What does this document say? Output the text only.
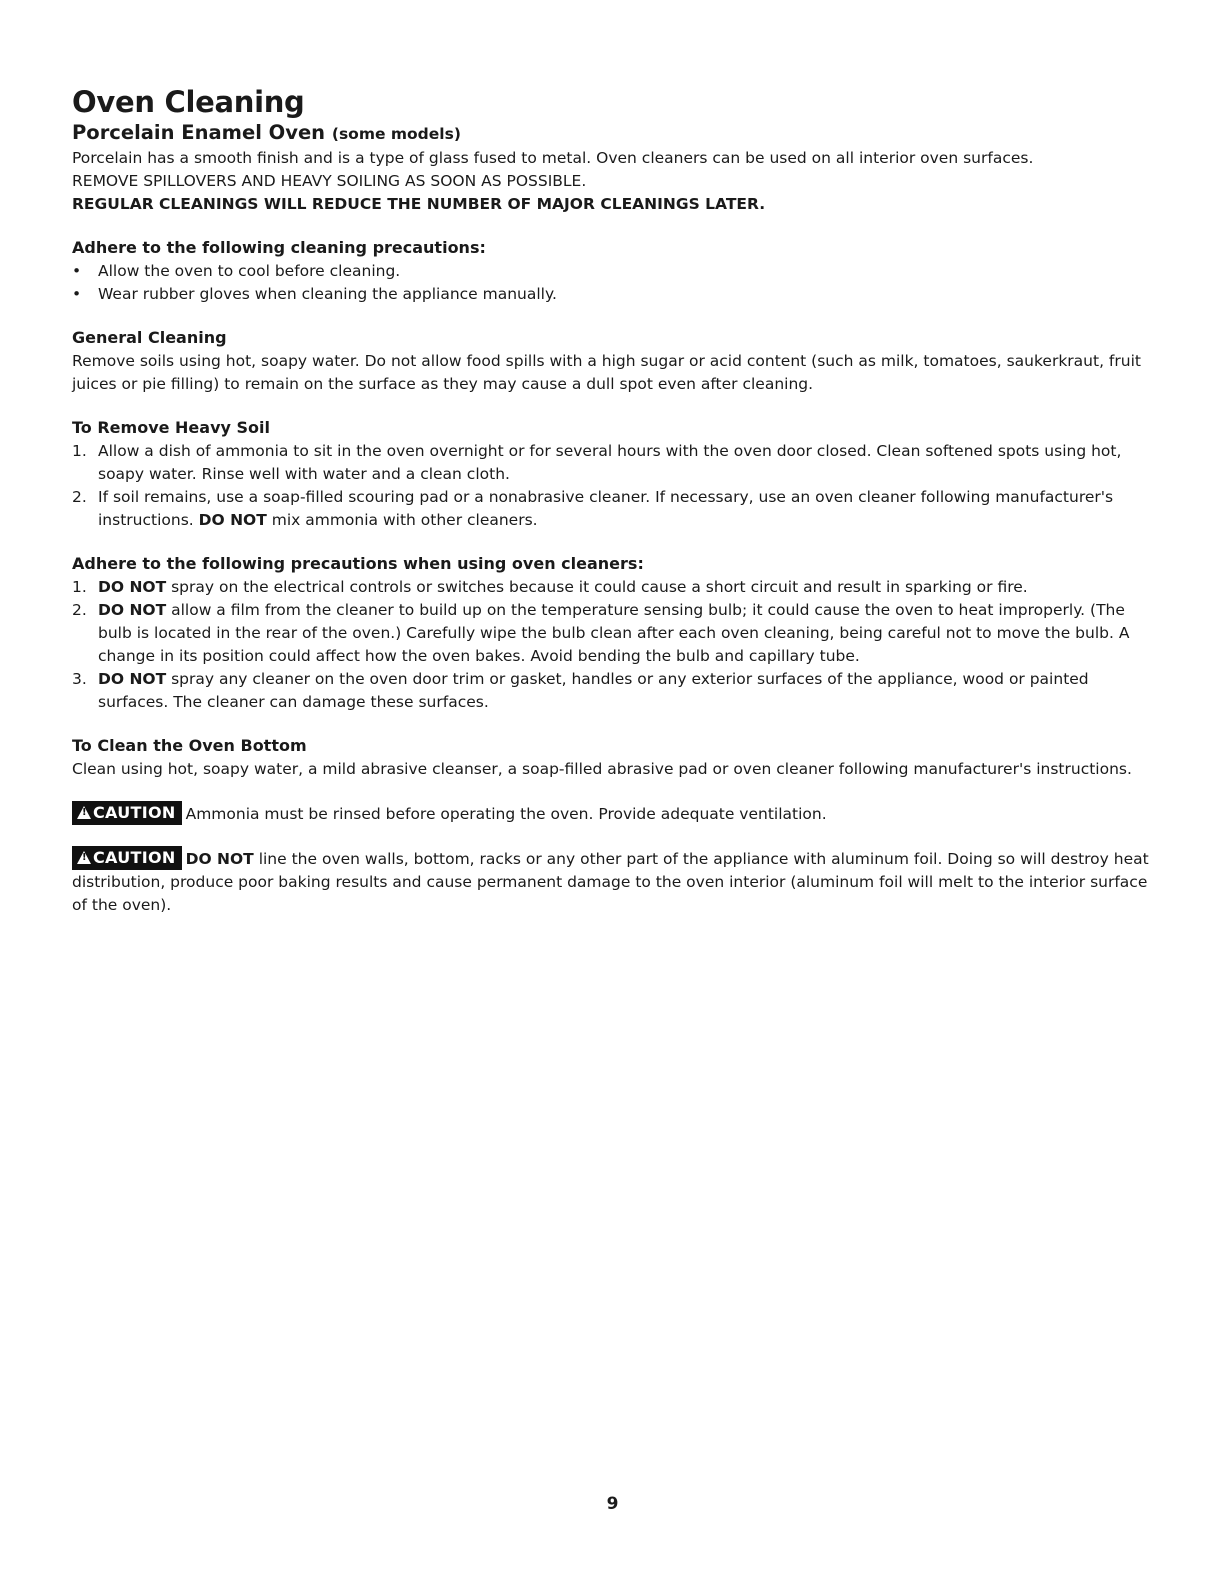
Oven Cleaning
Porcelain Enamel Oven (some models)

Porcelain has a smooth finish and is a type of glass fused to metal. Oven cleaners can be used on all interior oven surfaces.

REMOVE SPILLOVERS AND HEAVY SOILING AS SOON AS POSSIBLE.

REGULAR CLEANINGS WILL REDUCE THE NUMBER OF MAJOR CLEANINGS LATER.

Adhere to the following cleaning precautions:
• Allow the oven to cool before cleaning.
• Wear rubber gloves when cleaning the appliance manually.
General Cleaning

Remove soils using hot, soapy water. Do not allow food spills with a high sugar or acid content (such as milk, tomatoes, saukerkraut, fruit juices or pie filling) to remain on the surface as they may cause a dull spot even after cleaning.

To Remove Heavy Soil
1. Allow a dish of ammonia to sit in the oven overnight or for several hours with the oven door closed. Clean softened spots using hot, soapy water. Rinse well with water and a clean cloth.
2. If soil remains, use a soap-filled scouring pad or a nonabrasive cleaner. If necessary, use an oven cleaner following manufacturer's instructions. DO NOT mix ammonia with other cleaners.
Adhere to the following precautions when using oven cleaners:
1. DO NOT spray on the electrical controls or switches because it could cause a short circuit and result in sparking or fire.
2. DO NOT allow a film from the cleaner to build up on the temperature sensing bulb; it could cause the oven to heat improperly. (The bulb is located in the rear of the oven.) Carefully wipe the bulb clean after each oven cleaning, being careful not to move the bulb. A change in its position could affect how the oven bakes. Avoid bending the bulb and capillary tube.
3. DO NOT spray any cleaner on the oven door trim or gasket, handles or any exterior surfaces of the appliance, wood or painted surfaces. The cleaner can damage these surfaces.
To Clean the Oven Bottom

Clean using hot, soapy water, a mild abrasive cleanser, a soap-filled abrasive pad or oven cleaner following manufacturer's instructions.

!CAUTION Ammonia must be rinsed before operating the oven. Provide adequate ventilation.

!CAUTION DO NOT line the oven walls, bottom, racks or any other part of the appliance with aluminum foil. Doing so will destroy heat distribution, produce poor baking results and cause permanent damage to the oven interior (aluminum foil will melt to the interior surface of the oven).

9
